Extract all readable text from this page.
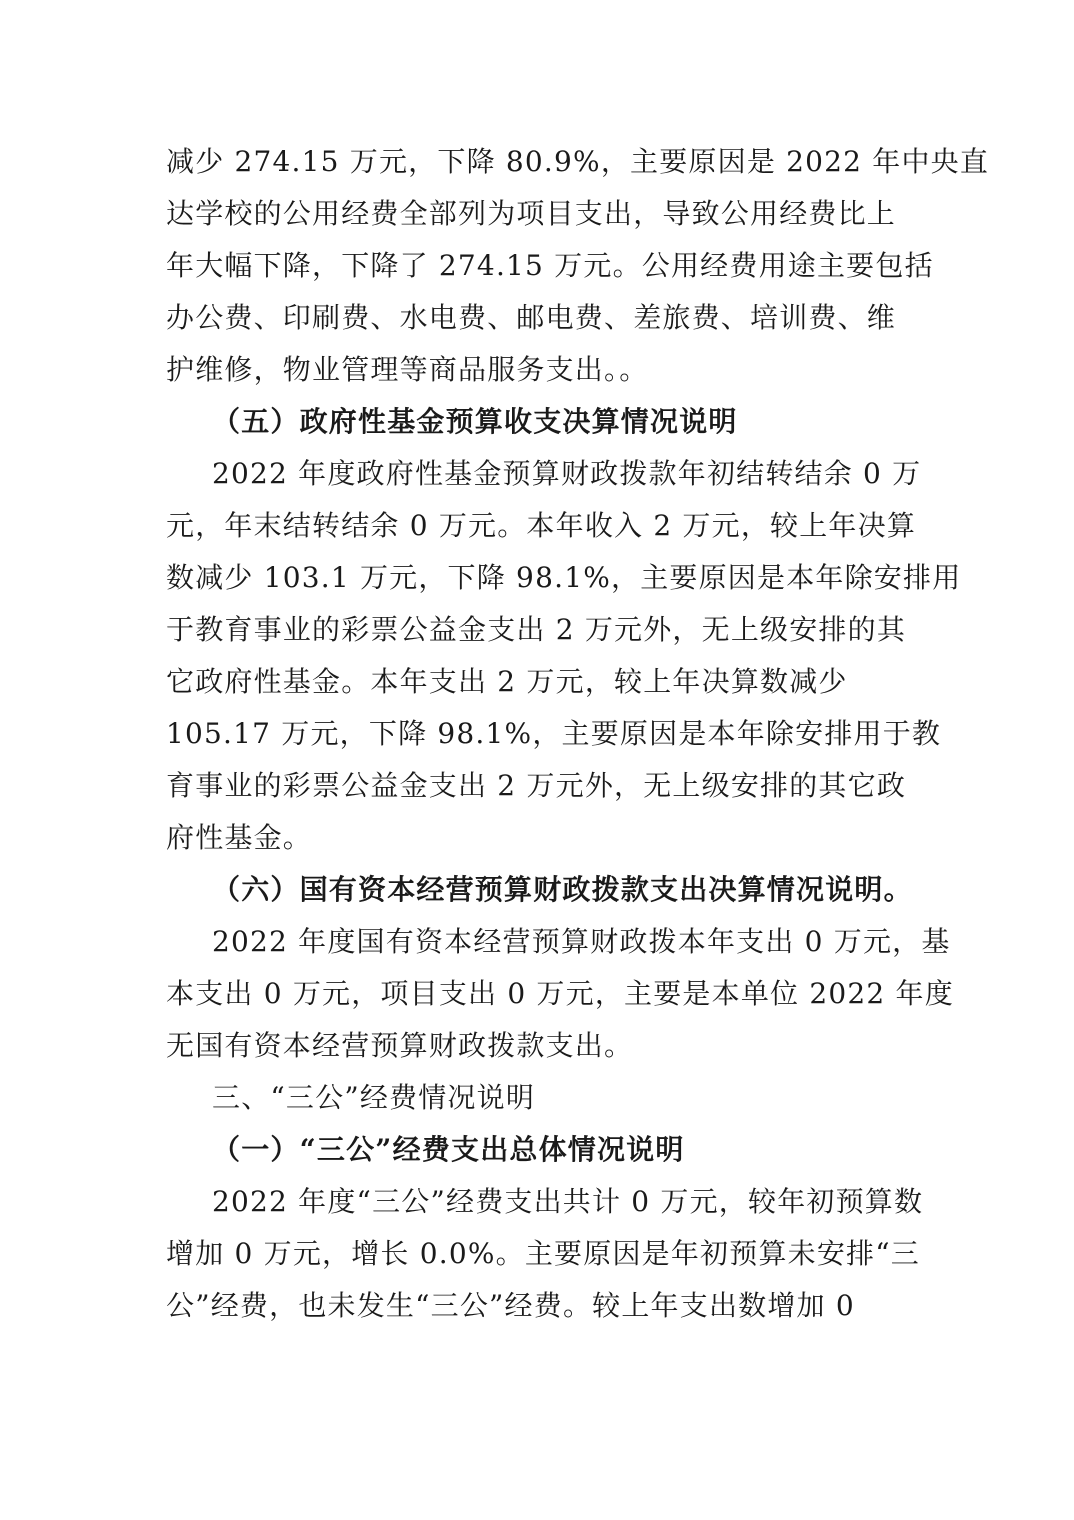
减少 274.15 万元，下降 80.9%，主要原因是 2022 年中央直
达学校的公用经费全部列为项目支出，导致公用经费比上
年大幅下降，下降了 274.15 万元。公用经费用途主要包括
办公费、印刷费、水电费、邮电费、差旅费、培训费、维
护维修，物业管理等商品服务支出。。
（五）政府性基金预算收支决算情况说明
2022 年度政府性基金预算财政拨款年初结转结余 0 万
元，年末结转结余 0 万元。本年收入 2 万元，较上年决算
数减少 103.1 万元，下降 98.1%，主要原因是本年除安排用
于教育事业的彩票公益金支出 2 万元外，无上级安排的其
它政府性基金。本年支出 2 万元，较上年决算数减少
105.17 万元，下降 98.1%，主要原因是本年除安排用于教
育事业的彩票公益金支出 2 万元外，无上级安排的其它政
府性基金。
（六）国有资本经营预算财政拨款支出决算情况说明。
2022 年度国有资本经营预算财政拨本年支出 0 万元，基
本支出 0 万元，项目支出 0 万元，主要是本单位 2022 年度
无国有资本经营预算财政拨款支出。
三、“三公”经费情况说明
（一）“三公”经费支出总体情况说明
2022 年度“三公”经费支出共计 0 万元，较年初预算数
增加 0 万元，增长 0.0%。主要原因是年初预算未安排“三
公”经费，也未发生“三公”经费。较上年支出数增加 0
